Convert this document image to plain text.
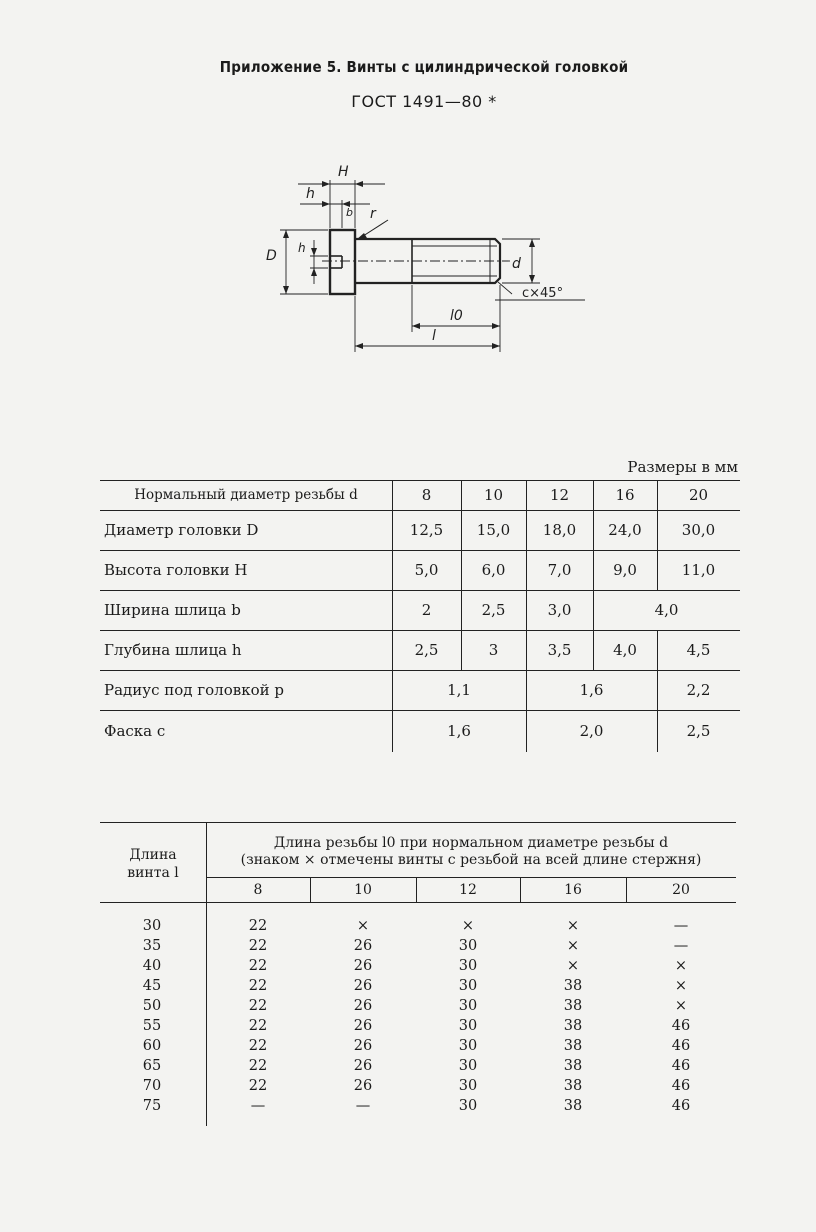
Приложение 5. Винты с цилиндрической головкой
ГОСТ 1491—80 *
H
h
b r
D h
d
c×45°
l0
l
Размеры в мм
Нормальный диаметр резьбы d	8	10	12	16	20
Диаметр головки D	12,5	15,0	18,0	24,0	30,0
Высота головки H	5,0	6,0	7,0	9,0	11,0
Ширина шлица b	2	2,5	3,0	4,0
Глубина шлица h	2,5	3	3,5	4,0	4,5
Радиус под головкой р	1,1	1,6	2,2
Фаска с	1,6	2,0	2,5
Длина винта l
Длина резьбы l0 при нормальном диаметре резьбы d
(знаком × отмечены винты с резьбой на всей длине стержня)
8	10	12	16	20
30	22	×	×	×	—
35	22	26	30	×	—
40	22	26	30	×	×
45	22	26	30	38	×
50	22	26	30	38	×
55	22	26	30	38	46
60	22	26	30	38	46
65	22	26	30	38	46
70	22	26	30	38	46
75	—	—	30	38	46
